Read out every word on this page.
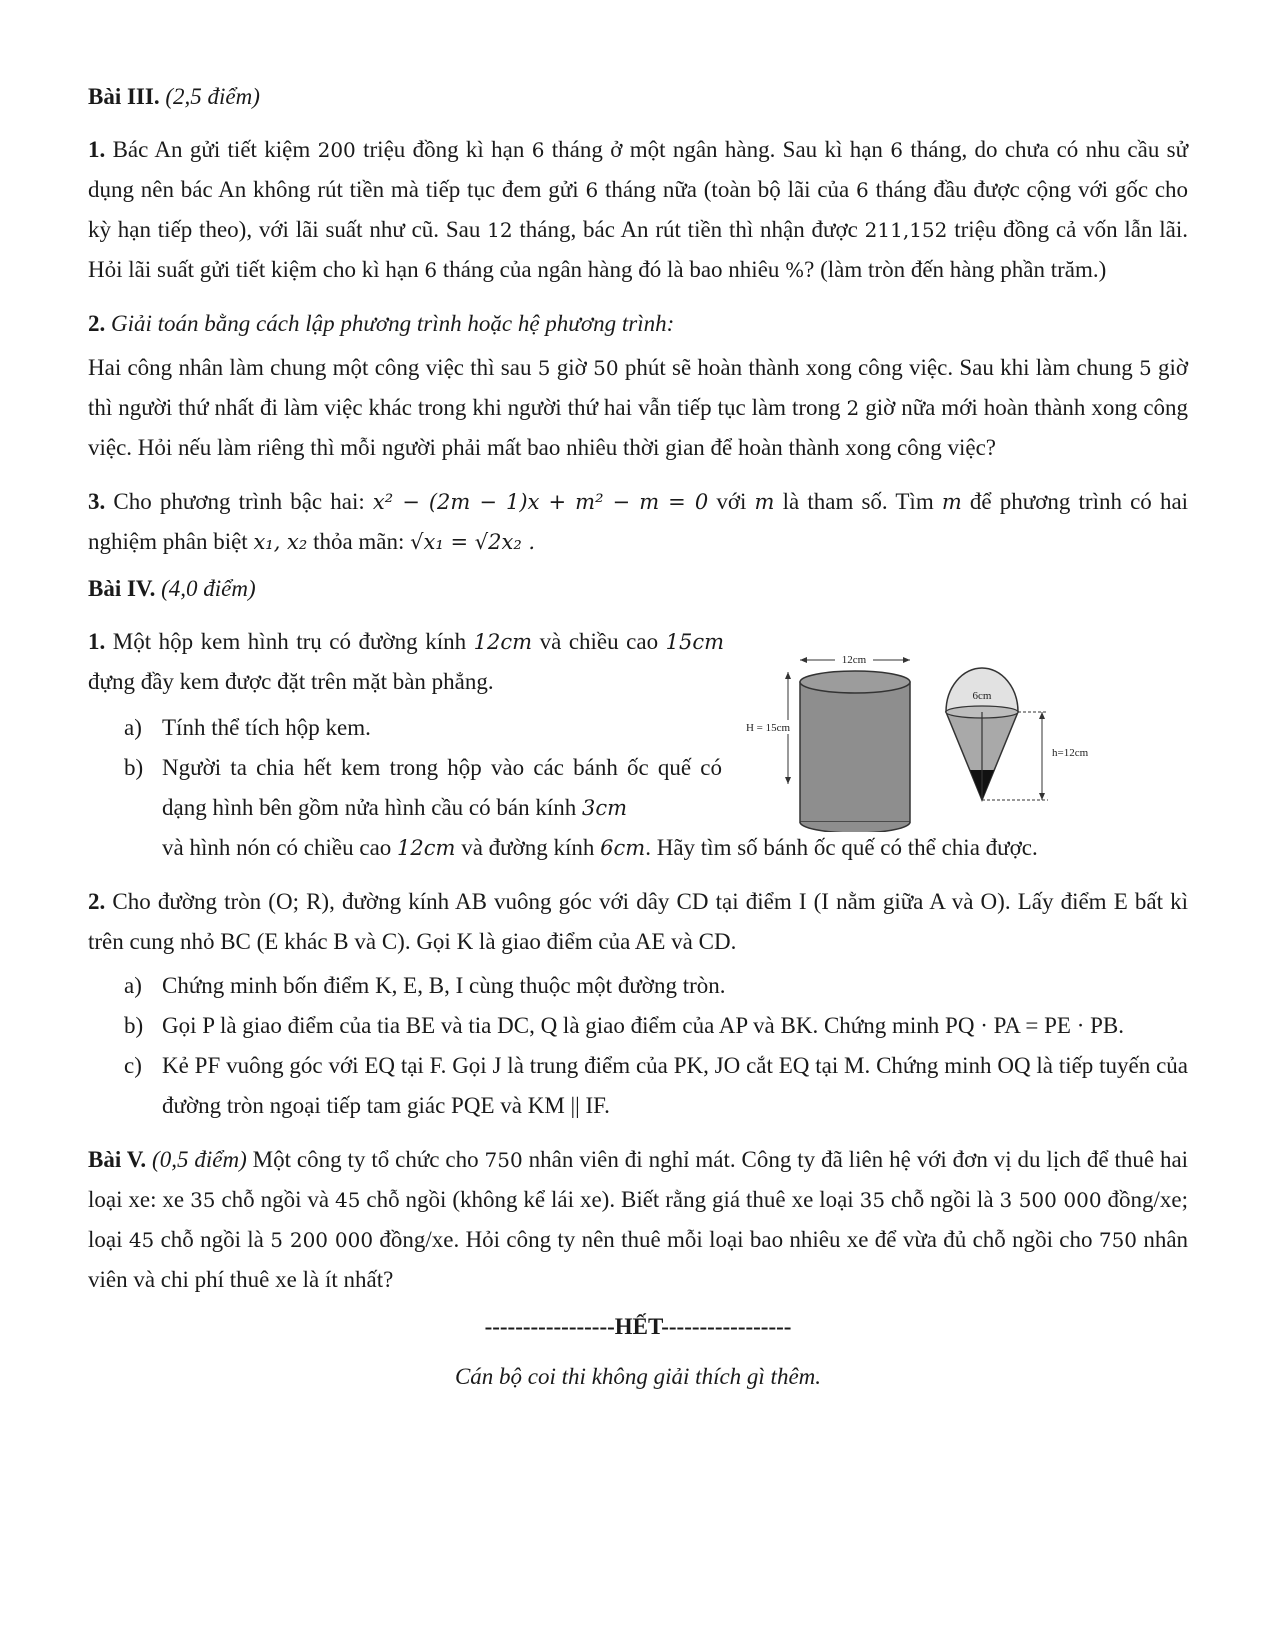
Bài III. (2,5 điểm)

1. Bác An gửi tiết kiệm 200 triệu đồng kì hạn 6 tháng ở một ngân hàng. Sau kì hạn 6 tháng, do chưa có nhu cầu sử dụng nên bác An không rút tiền mà tiếp tục đem gửi 6 tháng nữa (toàn bộ lãi của 6 tháng đầu được cộng với gốc cho kỳ hạn tiếp theo), với lãi suất như cũ. Sau 12 tháng, bác An rút tiền thì nhận được 211,152 triệu đồng cả vốn lẫn lãi. Hỏi lãi suất gửi tiết kiệm cho kì hạn 6 tháng của ngân hàng đó là bao nhiêu %? (làm tròn đến hàng phần trăm.)

2. Giải toán bằng cách lập phương trình hoặc hệ phương trình:

Hai công nhân làm chung một công việc thì sau 5 giờ 50 phút sẽ hoàn thành xong công việc. Sau khi làm chung 5 giờ thì người thứ nhất đi làm việc khác trong khi người thứ hai vẫn tiếp tục làm trong 2 giờ nữa mới hoàn thành xong công việc. Hỏi nếu làm riêng thì mỗi người phải mất bao nhiêu thời gian để hoàn thành xong công việc?

3. Cho phương trình bậc hai: x² − (2m − 1)x + m² − m = 0 với m là tham số. Tìm m để phương trình có hai nghiệm phân biệt x₁, x₂ thỏa mãn: √x₁ = √2x₂ .

Bài IV. (4,0 điểm)

1. Một hộp kem hình trụ có đường kính 12cm và chiều cao 15cm đựng đầy kem được đặt trên mặt bàn phẳng.

a) Tính thể tích hộp kem.
b) Người ta chia hết kem trong hộp vào các bánh ốc quế có dạng hình bên gồm nửa hình cầu có bán kính 3cm
và hình nón có chiều cao 12cm và đường kính 6cm. Hãy tìm số bánh ốc quế có thể chia được.
12cm
H = 15cm
6cm
h=12cm

2. Cho đường tròn (O; R), đường kính AB vuông góc với dây CD tại điểm I (I nằm giữa A và O). Lấy điểm E bất kì trên cung nhỏ BC (E khác B và C). Gọi K là giao điểm của AE và CD.

a) Chứng minh bốn điểm K, E, B, I cùng thuộc một đường tròn.
b) Gọi P là giao điểm của tia BE và tia DC, Q là giao điểm của AP và BK. Chứng minh PQ · PA = PE · PB.
c) Kẻ PF vuông góc với EQ tại F. Gọi J là trung điểm của PK, JO cắt EQ tại M. Chứng minh OQ là tiếp tuyến của đường tròn ngoại tiếp tam giác PQE và KM || IF.

Bài V. (0,5 điểm) Một công ty tổ chức cho 750 nhân viên đi nghỉ mát. Công ty đã liên hệ với đơn vị du lịch để thuê hai loại xe: xe 35 chỗ ngồi và 45 chỗ ngồi (không kể lái xe). Biết rằng giá thuê xe loại 35 chỗ ngồi là 3 500 000 đồng/xe; loại 45 chỗ ngồi là 5 200 000 đồng/xe. Hỏi công ty nên thuê mỗi loại bao nhiêu xe để vừa đủ chỗ ngồi cho 750 nhân viên và chi phí thuê xe là ít nhất?

-----------------HẾT-----------------
Cán bộ coi thi không giải thích gì thêm.
